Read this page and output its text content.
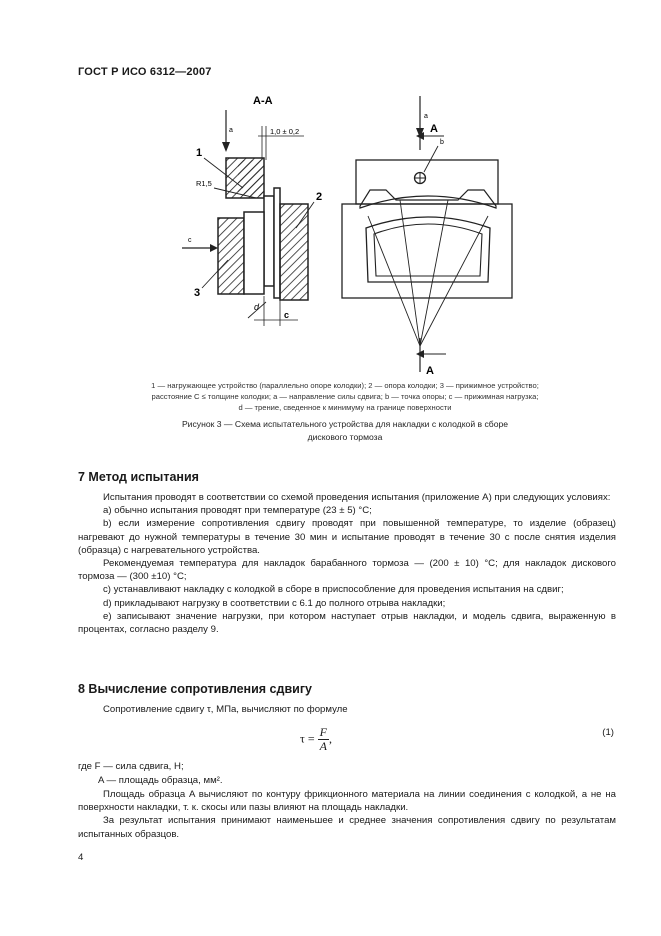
ГОСТ Р ИСО 6312—2007
А-А
a	1,0 ± 0,2
1
R1,5
3
2
c
d
с
b
a
А
А
1 — нагружающее устройство (параллельно опоре колодки); 2 — опора колодки; 3 — прижимное устройство;
расстояние С ≤ толщине колодки; a — направление силы сдвига; b — точка опоры; c — прижимная нагрузка;
d — трение, сведенное к минимуму на границе поверхности
Рисунок 3 — Схема испытательного устройства для накладки с колодкой в сборе
дискового тормоза
7 Метод испытания
Испытания проводят в соответствии со схемой проведения испытания (приложение А) при следующих условиях:
a) обычно испытания проводят при температуре (23 ± 5) °C;
b) если измерение сопротивления сдвигу проводят при повышенной температуре, то изделие (образец) нагревают до нужной температуры в течение 30 мин и испытание проводят в течение 30 с после снятия изделия (образца) с нагревательного устройства.
Рекомендуемая температура для накладок барабанного тормоза — (200 ± 10) °C; для накладок дискового тормоза — (300 ±10) °C;
c) устанавливают накладку с колодкой в сборе в приспособление для проведения испытания на сдвиг;
d) прикладывают нагрузку в соответствии с 6.1 до полного отрыва накладки;
e) записывают значение нагрузки, при котором наступает отрыв накладки, и модель сдвига, выраженную в процентах, согласно разделу 9.
8 Вычисление сопротивления сдвигу
Сопротивление сдвигу τ, МПа, вычисляют по формуле
$\tau = \frac{F}{A}$ ,	(1)
где F — сила сдвига, Н;
A — площадь образца, мм².
Площадь образца A вычисляют по контуру фрикционного материала на линии соединения с колодкой, а не на поверхности накладки, т. к. скосы или пазы влияют на площадь накладки.
За результат испытания принимают наименьшее и среднее значения сопротивления сдвигу по результатам испытанных образцов.
4
